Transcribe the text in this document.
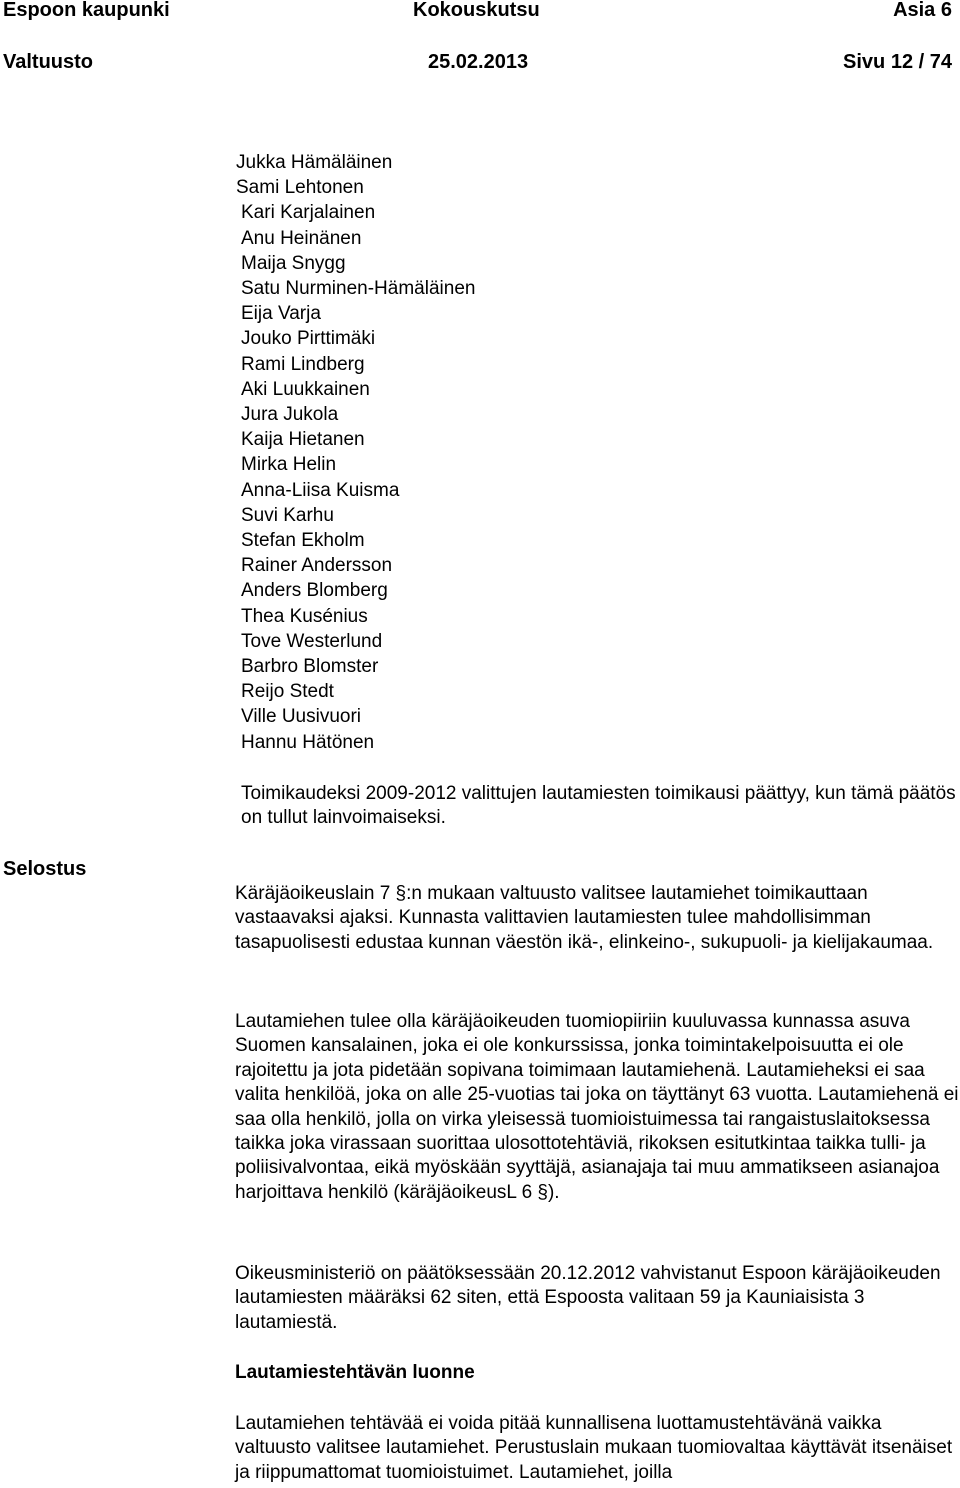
Espoon kaupunki	Kokouskutsu	Asia 6
Valtuusto	25.02.2013	Sivu 12 / 74
Jukka Hämäläinen
Sami Lehtonen
Kari Karjalainen
Anu Heinänen
Maija Snygg
Satu Nurminen-Hämäläinen
Eija Varja
Jouko Pirttimäki
Rami Lindberg
Aki Luukkainen
Jura Jukola
Kaija Hietanen
Mirka Helin
Anna-Liisa Kuisma
Suvi Karhu
Stefan Ekholm
Rainer Andersson
Anders Blomberg
Thea Kusénius
Tove Westerlund
Barbro Blomster
Reijo Stedt
Ville Uusivuori
Hannu Hätönen

Toimikaudeksi 2009-2012 valittujen lautamiesten toimikausi päättyy, kun tämä päätös on tullut lainvoimaiseksi.

Selostus

Käräjäoikeuslain 7 §:n mukaan valtuusto valitsee lautamiehet toimikauttaan vastaavaksi ajaksi. Kunnasta valittavien lautamiesten tulee mahdollisimman tasapuolisesti edustaa kunnan väestön ikä-, elinkeino-, sukupuoli- ja kielijakaumaa.

Lautamiehen tulee olla käräjäoikeuden tuomiopiiriin kuuluvassa kunnassa asuva Suomen kansalainen, joka ei ole konkurssissa, jonka toimintakelpoisuutta ei ole rajoitettu ja jota pidetään sopivana toimimaan lautamiehenä. Lautamieheksi ei saa valita henkilöä, joka on alle 25-vuotias tai joka on täyttänyt 63 vuotta. Lautamiehenä ei saa olla henkilö, jolla on virka yleisessä tuomioistuimessa tai rangaistuslaitoksessa taikka joka virassaan suorittaa ulosottotehtäviä, rikoksen esitutkintaa taikka tulli- ja poliisivalvontaa, eikä myöskään syyttäjä, asianajaja tai muu ammatikseen asianajoa harjoittava henkilö (käräjäoikeusL 6 §).

Oikeusministeriö on päätöksessään 20.12.2012 vahvistanut Espoon käräjäoikeuden lautamiesten määräksi 62 siten, että Espoosta valitaan 59 ja Kauniaisista 3 lautamiestä.

Lautamiestehtävän luonne

Lautamiehen tehtävää ei voida pitää kunnallisena luottamustehtävänä vaikka valtuusto valitsee lautamiehet. Perustuslain mukaan tuomiovaltaa käyttävät itsenäiset ja riippumattomat tuomioistuimet. Lautamiehet, joilla
